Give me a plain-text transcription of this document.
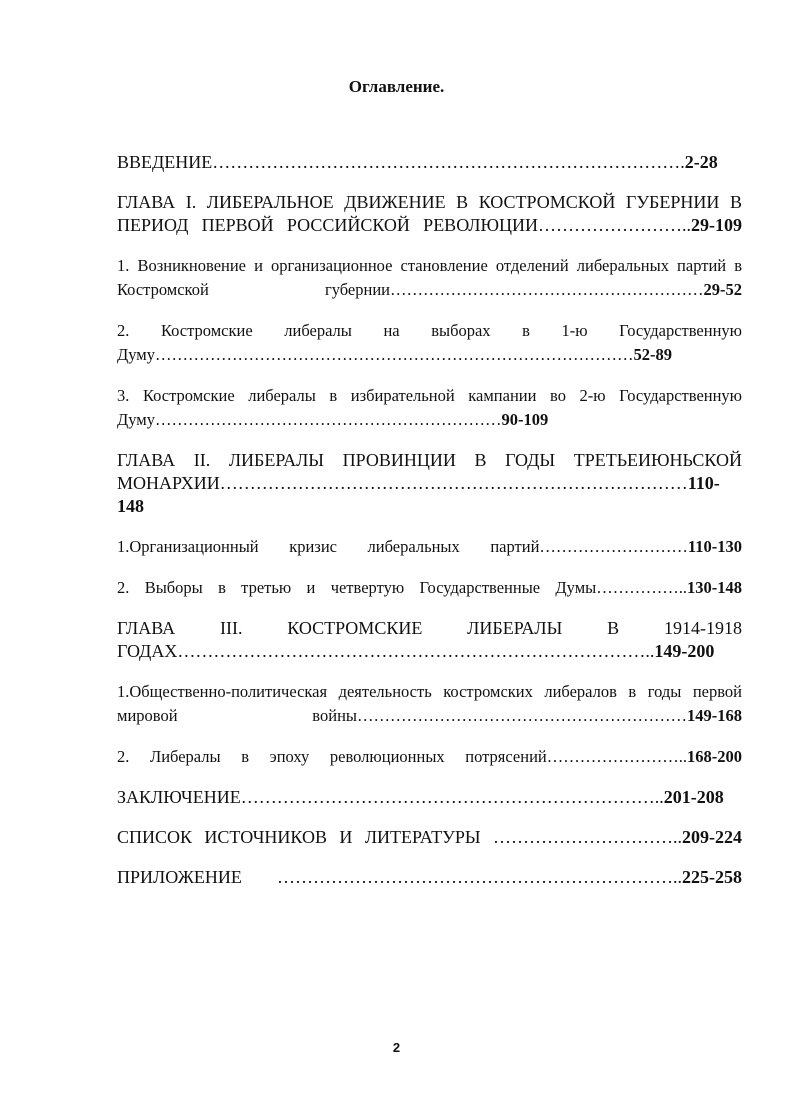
Оглавление.
ВВЕДЕНИЕ…………………………………………………………………….2-28
ГЛАВА I. ЛИБЕРАЛЬНОЕ ДВИЖЕНИЕ В КОСТРОМСКОЙ ГУБЕРНИИ В ПЕРИОД ПЕРВОЙ РОССИЙСКОЙ РЕВОЛЮЦИИ……………………..29-109
1. Возникновение и организационное становление отделений либеральных партий в Костромской губернии…………………………………………………29-52
2. Костромские либералы на выборах в 1-ю Государственную Думу……………………………………………………………………………52-89
3. Костромские либералы в избирательной кампании во 2-ю Государственную Думу………………………………………………………90-109
ГЛАВА II. ЛИБЕРАЛЫ ПРОВИНЦИИ В ГОДЫ ТРЕТЬЕИЮНЬСКОЙ МОНАРХИИ……………………………………………………………………110-148
1.Организационный кризис либеральных партий………………………110-130
2. Выборы в третью и четвертую Государственные Думы……………..130-148
ГЛАВА III. КОСТРОМСКИЕ ЛИБЕРАЛЫ В 1914-1918 ГОДАХ……………………………………………………………………..149-200
1.Общественно-политическая деятельность костромских либералов в годы первой мировой войны……………………………………………………149-168
2. Либералы в эпоху революционных потрясений……………………..168-200
ЗАКЛЮЧЕНИЕ……………………………………………………………..201-208
СПИСОК ИСТОЧНИКОВ И ЛИТЕРАТУРЫ …………………………..209-224
ПРИЛОЖЕНИЕ …………………………………………………………..225-258
2
